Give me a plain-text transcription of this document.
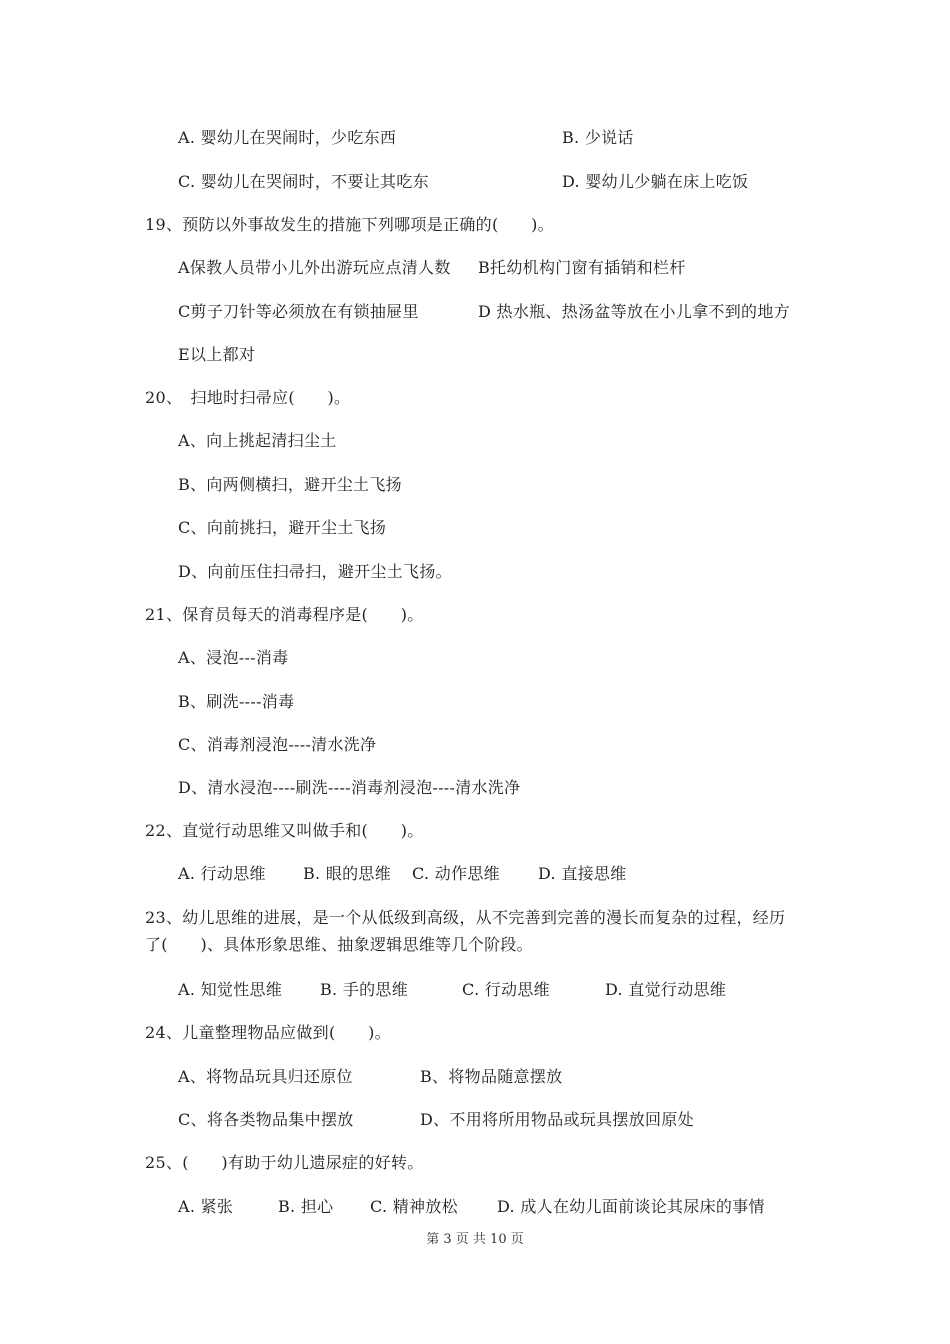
A. 婴幼儿在哭闹时，少吃东西	B. 少说话
C. 婴幼儿在哭闹时，不要让其吃东	D. 婴幼儿少躺在床上吃饭
19、预防以外事故发生的措施下列哪项是正确的(　　)。
A保教人员带小儿外出游玩应点清人数 B托幼机构门窗有插销和栏杆
C剪子刀针等必须放在有锁抽屉里	D 热水瓶、热汤盆等放在小儿拿不到的地方
E以上都对
20、　扫地时扫帚应(　　)。
A、向上挑起清扫尘土
B、向两侧横扫，避开尘土飞扬
C、向前挑扫，避开尘土飞扬
D、向前压住扫帚扫，避开尘土飞扬。
21、保育员每天的消毒程序是(　　)。
A、浸泡---消毒
B、刷洗----消毒
C、消毒剂浸泡----清水洗净
D、清水浸泡----刷洗----消毒剂浸泡----清水洗净
22、直觉行动思维又叫做手和(　　)。
A. 行动思维 B. 眼的思维 C. 动作思维 D. 直接思维
23、幼儿思维的进展，是一个从低级到高级，从不完善到完善的漫长而复杂的过程，经历
了(　　)、具体形象思维、抽象逻辑思维等几个阶段。
A. 知觉性思维 B. 手的思维	C. 行动思维	D. 直觉行动思维
24、儿童整理物品应做到(　　)。
A、将物品玩具归还原位	B、将物品随意摆放
C、将各类物品集中摆放	D、不用将所用物品或玩具摆放回原处
25、(　　)有助于幼儿遗尿症的好转。
A. 紧张	B. 担心 C. 精神放松 D. 成人在幼儿面前谈论其尿床的事情
第 3 页 共 10 页
